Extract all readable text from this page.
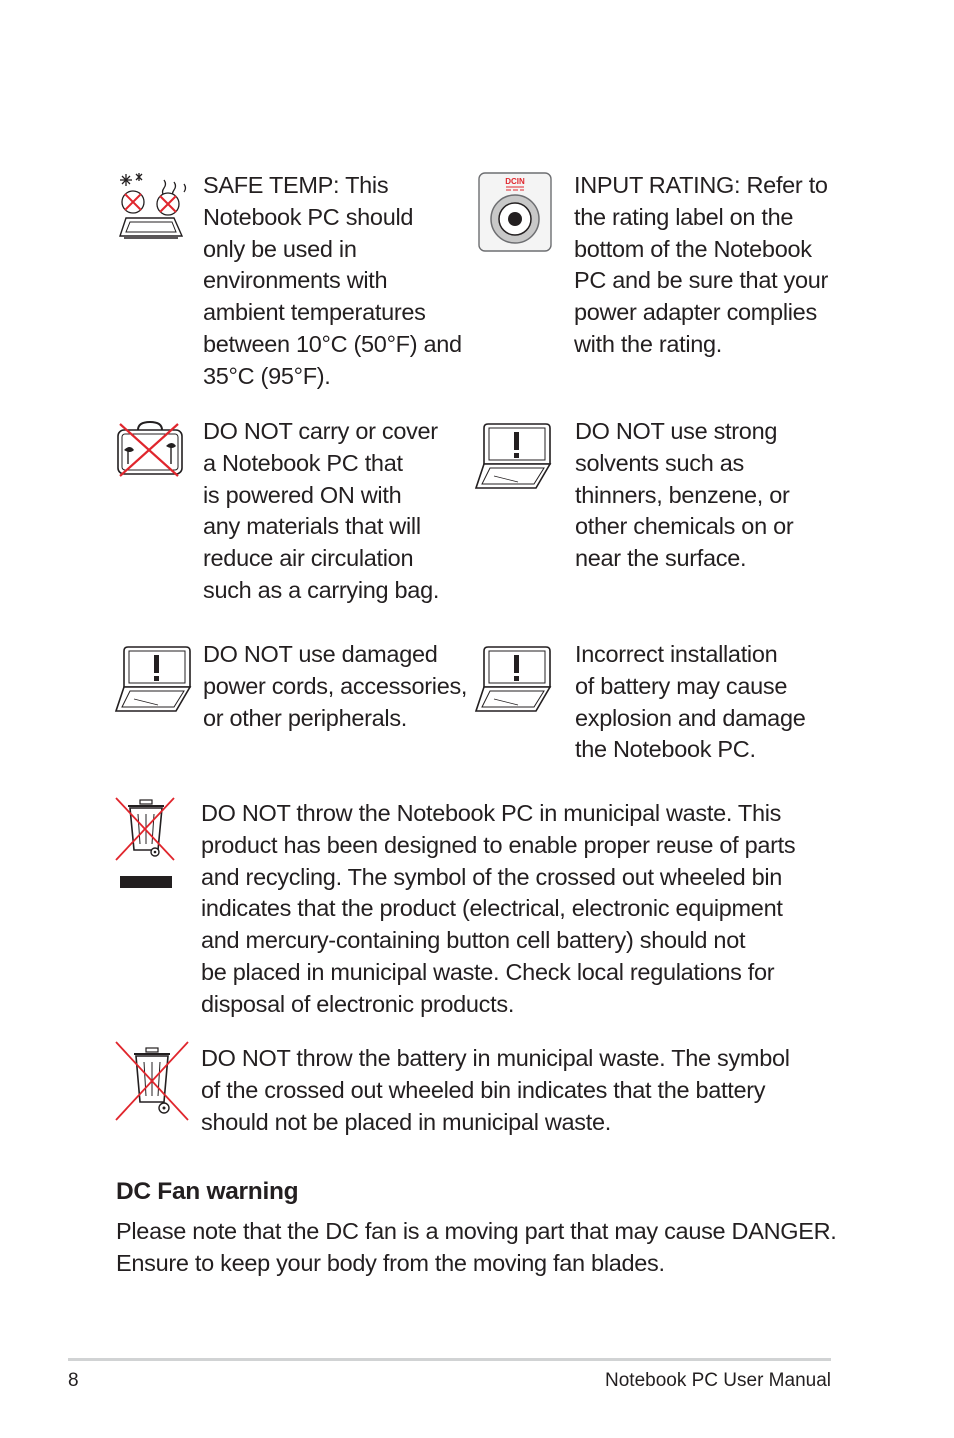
SAFE TEMP: This
Notebook PC should
only be used in
environments with
ambient temperatures
between 10°C (50°F) and
35°C (95°F).
DCIN INPUT RATING: Refer to
the rating label on the
bottom of the Notebook
PC and be sure that your
power adapter complies
with the rating.
DO NOT carry or cover
a Notebook PC that
is powered ON with
any materials that will
reduce air circulation
such as a carrying bag.
DO NOT use strong
solvents such as
thinners, benzene, or
other chemicals on or
near the surface.
DO NOT use damaged
power cords, accessories,
or other peripherals.
Incorrect installation
of battery may cause
explosion and damage
the Notebook PC.
DO NOT throw the Notebook PC in municipal waste. This
product has been designed to enable proper reuse of parts
and recycling. The symbol of the crossed out wheeled bin
indicates that the product (electrical, electronic equipment
and mercury-containing button cell battery) should not
be placed in municipal waste. Check local regulations for
disposal of electronic products.
DO NOT throw the battery in municipal waste. The symbol
of the crossed out wheeled bin indicates that the battery
should not be placed in municipal waste.
DC Fan warning
Please note that the DC fan is a moving part that may cause DANGER.
Ensure to keep your body from the moving fan blades.
8	Notebook PC User Manual
